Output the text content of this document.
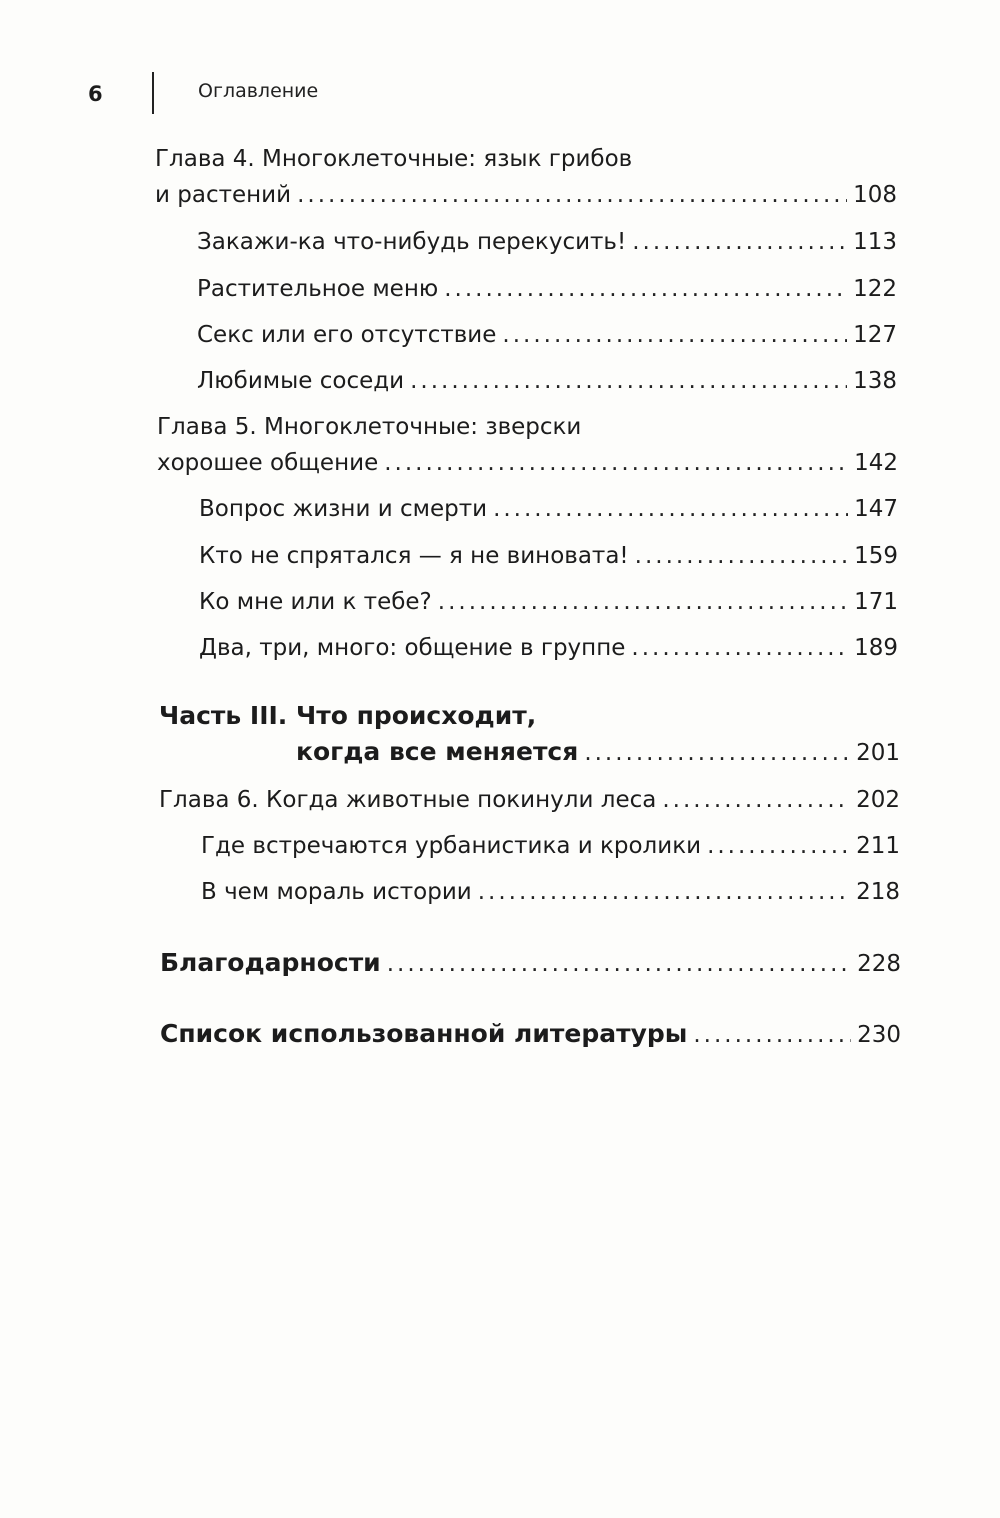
6	Оглавление
Глава 4. Многоклеточные: язык грибов
и растений .....	108
Закажи-ка что-нибудь перекусить! .....	113
Растительное меню .....	122
Секс или его отсутствие .....	127
Любимые соседи .....	138
Глава 5. Многоклеточные: зверски
хорошее общение .....	142
Вопрос жизни и смерти .....	147
Кто не спрятался — я не виновата! .....	159
Ко мне или к тебе? .....	171
Два, три, много: общение в группе .....	189
Часть III. Что происходит,
когда все меняется .....	201
Глава 6. Когда животные покинули леса .....	202
Где встречаются урбанистика и кролики .....	211
В чем мораль истории .....	218
Благодарности .....	228
Список использованной литературы .....	230
